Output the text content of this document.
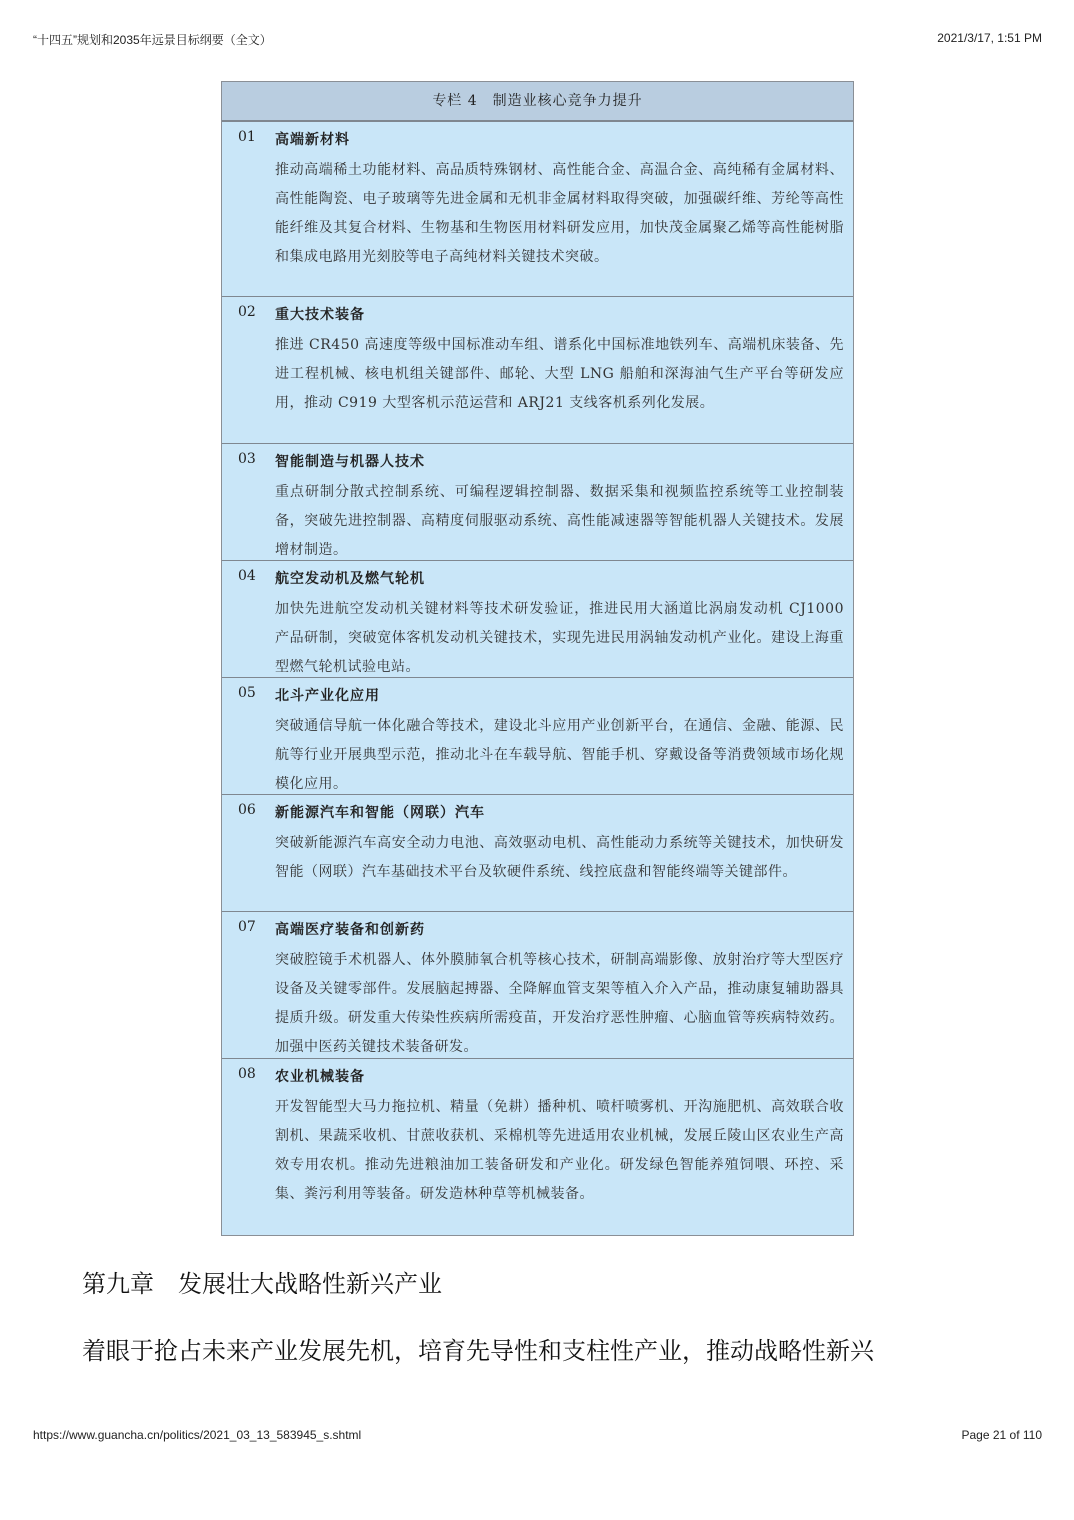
“十四五”规划和2035年远景目标纲要（全文）	2021/3/17, 1:51 PM
专栏 4　制造业核心竞争力提升
01 高端新材料
推动高端稀土功能材料、高品质特殊钢材、高性能合金、高温合金、高纯稀有金属材料、高性能陶瓷、电子玻璃等先进金属和无机非金属材料取得突破，加强碳纤维、芳纶等高性能纤维及其复合材料、生物基和生物医用材料研发应用，加快茂金属聚乙烯等高性能树脂和集成电路用光刻胶等电子高纯材料关键技术突破。
02 重大技术装备
推进 CR450 高速度等级中国标准动车组、谱系化中国标准地铁列车、高端机床装备、先进工程机械、核电机组关键部件、邮轮、大型 LNG 船舶和深海油气生产平台等研发应用，推动 C919 大型客机示范运营和 ARJ21 支线客机系列化发展。
03 智能制造与机器人技术
重点研制分散式控制系统、可编程逻辑控制器、数据采集和视频监控系统等工业控制装备，突破先进控制器、高精度伺服驱动系统、高性能减速器等智能机器人关键技术。发展增材制造。
04 航空发动机及燃气轮机
加快先进航空发动机关键材料等技术研发验证，推进民用大涵道比涡扇发动机 CJ1000 产品研制，突破宽体客机发动机关键技术，实现先进民用涡轴发动机产业化。建设上海重型燃气轮机试验电站。
05 北斗产业化应用
突破通信导航一体化融合等技术，建设北斗应用产业创新平台，在通信、金融、能源、民航等行业开展典型示范，推动北斗在车载导航、智能手机、穿戴设备等消费领域市场化规模化应用。
06 新能源汽车和智能（网联）汽车
突破新能源汽车高安全动力电池、高效驱动电机、高性能动力系统等关键技术，加快研发智能（网联）汽车基础技术平台及软硬件系统、线控底盘和智能终端等关键部件。
07 高端医疗装备和创新药
突破腔镜手术机器人、体外膜肺氧合机等核心技术，研制高端影像、放射治疗等大型医疗设备及关键零部件。发展脑起搏器、全降解血管支架等植入介入产品，推动康复辅助器具提质升级。研发重大传染性疾病所需疫苗，开发治疗恶性肿瘤、心脑血管等疾病特效药。加强中医药关键技术装备研发。
08 农业机械装备
开发智能型大马力拖拉机、精量（免耕）播种机、喷杆喷雾机、开沟施肥机、高效联合收割机、果蔬采收机、甘蔗收获机、采棉机等先进适用农业机械，发展丘陵山区农业生产高效专用农机。推动先进粮油加工装备研发和产业化。研发绿色智能养殖饲喂、环控、采集、粪污利用等装备。研发造林种草等机械装备。
第九章　发展壮大战略性新兴产业
着眼于抢占未来产业发展先机，培育先导性和支柱性产业，推动战略性新兴
https://www.guancha.cn/politics/2021_03_13_583945_s.shtml	Page 21 of 110
